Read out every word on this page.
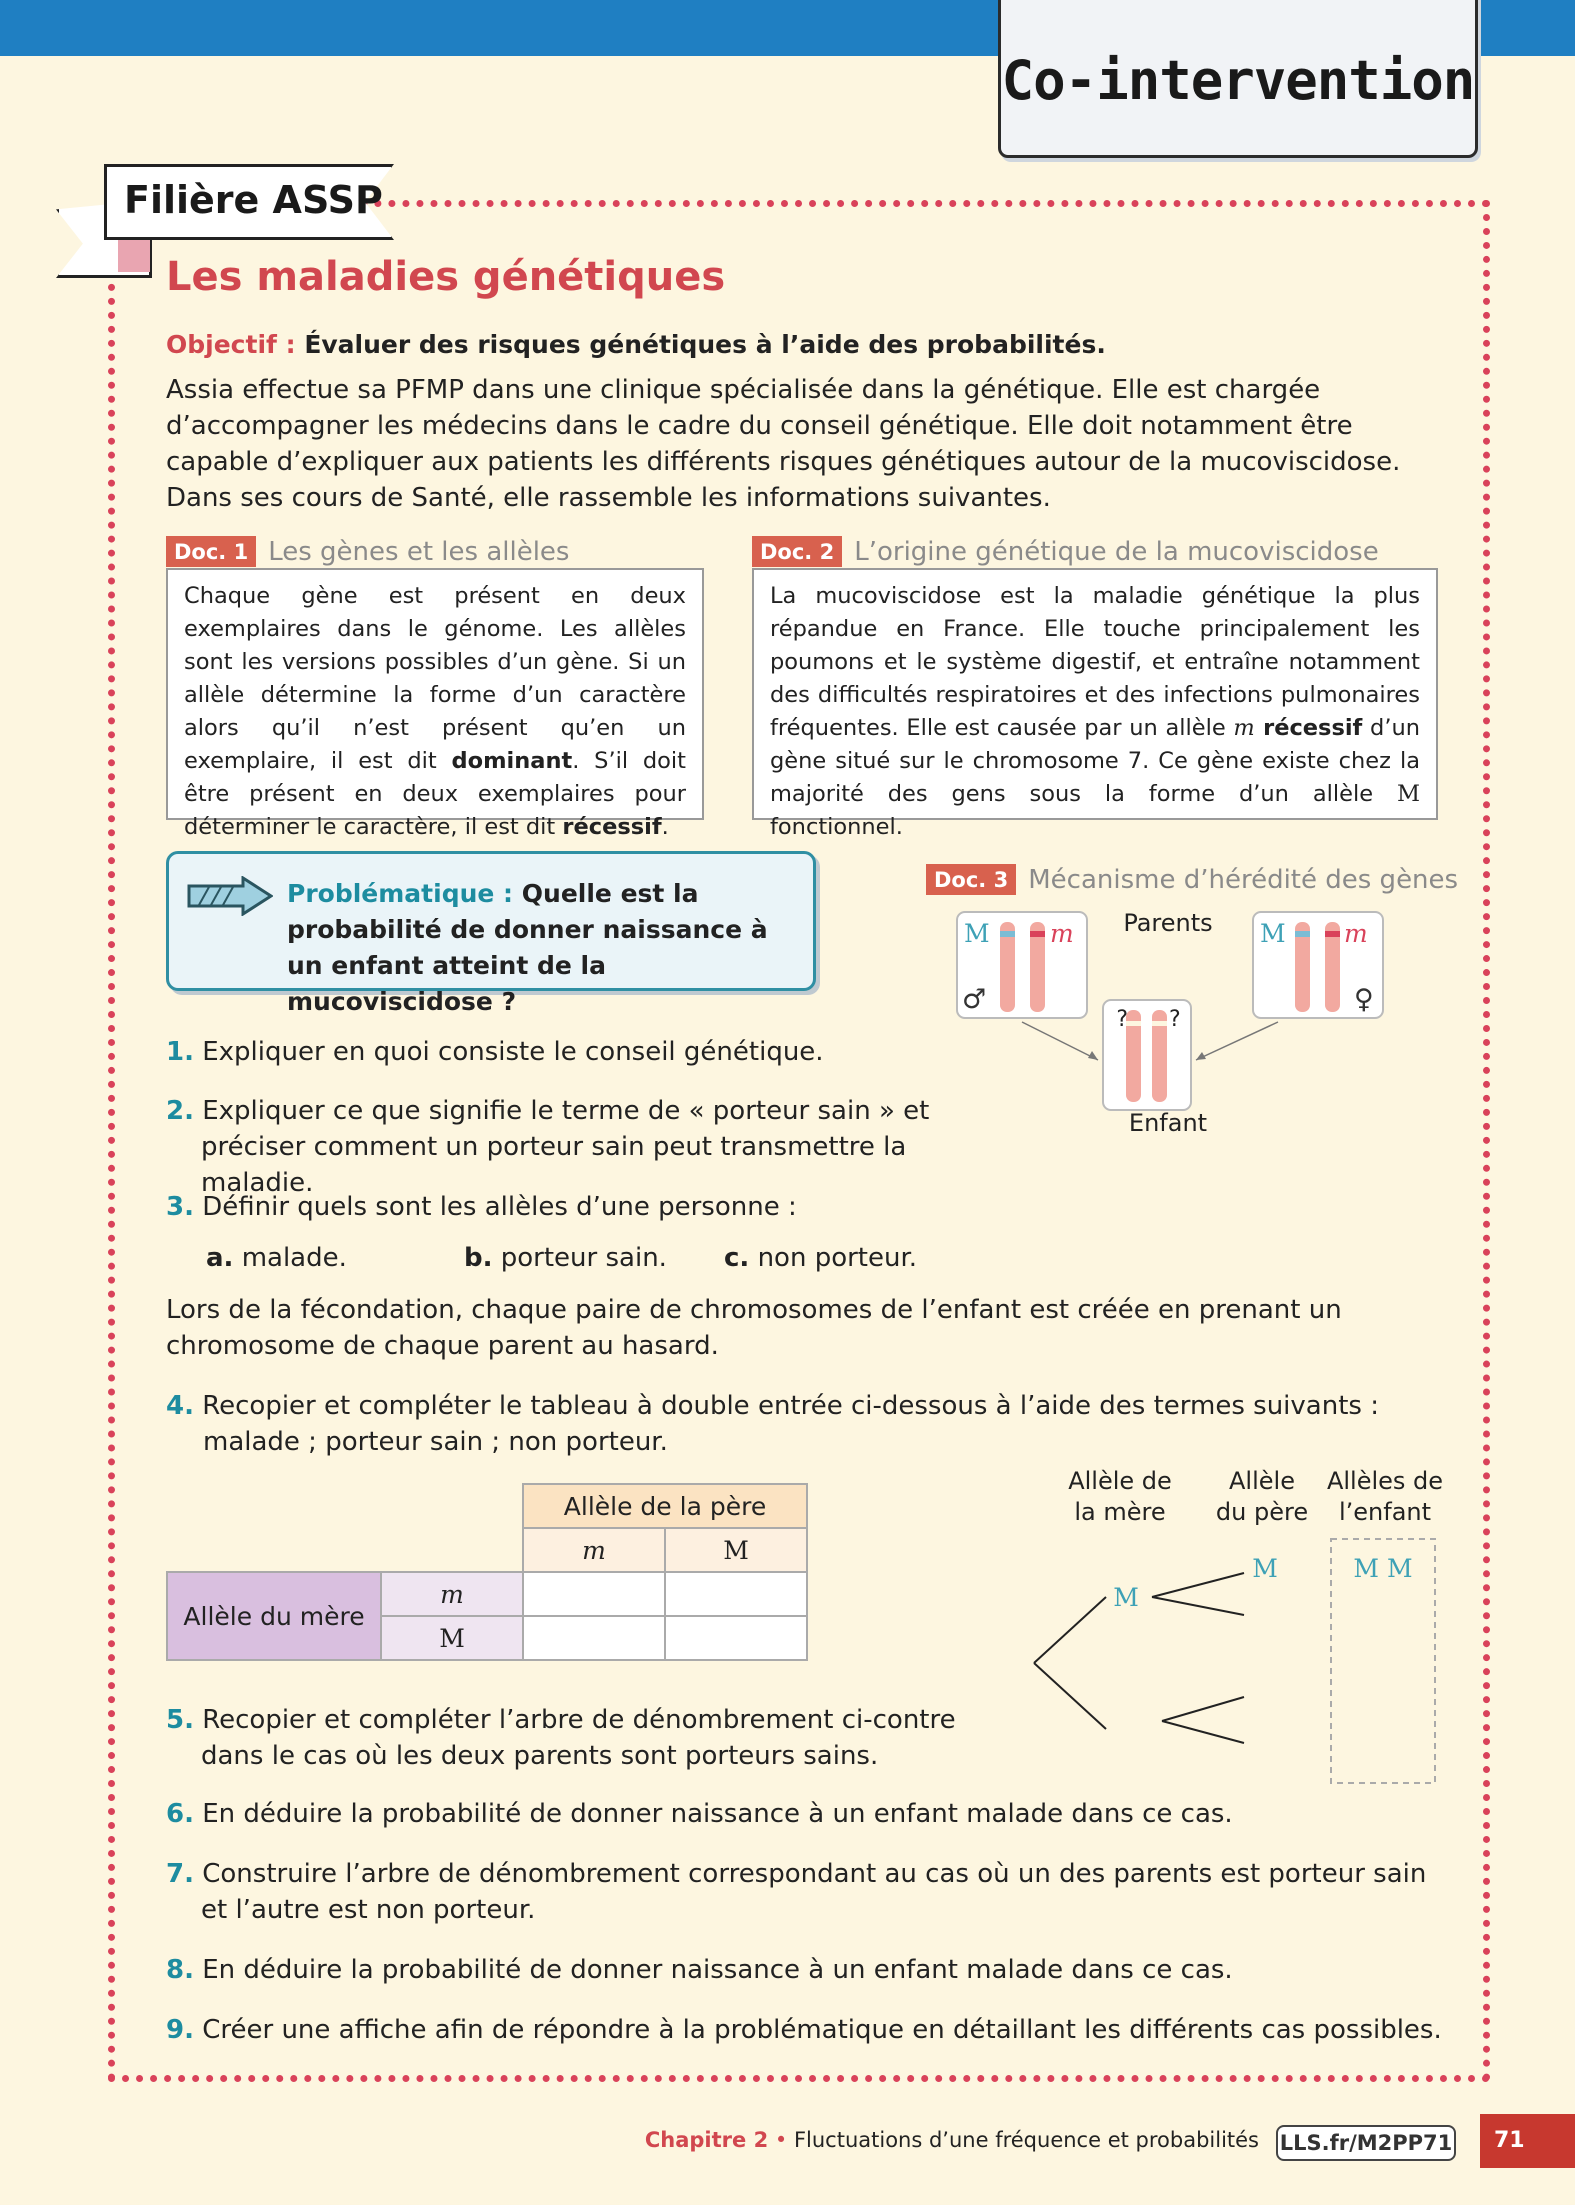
Co-intervention
Filière ASSP
Les maladies génétiques
Objectif : Évaluer des risques génétiques à l’aide des probabilités.
Assia effectue sa PFMP dans une clinique spécialisée dans la génétique. Elle est chargée d’accompagner les médecins dans le cadre du conseil génétique. Elle doit notamment être capable d’expliquer aux patients les différents risques génétiques autour de la mucoviscidose. Dans ses cours de Santé, elle rassemble les informations suivantes.
Doc. 1 Les gènes et les allèles
Chaque gène est présent en deux exemplaires dans le génome. Les allèles sont les versions possibles d’un gène. Si un allèle détermine la forme d’un caractère alors qu’il n’est présent qu’en un exemplaire, il est dit dominant. S’il doit être présent en deux exemplaires pour déterminer le caractère, il est dit récessif.
Doc. 2 L’origine génétique de la mucoviscidose
La mucoviscidose est la maladie génétique la plus répandue en France. Elle touche principalement les poumons et le système digestif, et entraîne notamment des difficultés respiratoires et des infections pulmonaires fréquentes. Elle est causée par un allèle m récessif d’un gène situé sur le chromosome 7. Ce gène existe chez la majorité des gens sous la forme d’un allèle M fonctionnel.
Problématique : Quelle est la probabilité de donner naissance à un enfant atteint de la mucoviscidose ?
Doc. 3 Mécanisme d’hérédité des gènes
M m	M m
♂	♀
Parents
Enfant
? ?
1. Expliquer en quoi consiste le conseil génétique.
2. Expliquer ce que signifie le terme de « porteur sain » et préciser comment un porteur sain peut transmettre la maladie.
3. Définir quels sont les allèles d’une personne :
a. malade.	b. porteur sain. c. non porteur.
Lors de la fécondation, chaque paire de chromosomes de l’enfant est créée en prenant un chromosome de chaque parent au hasard.
4. Recopier et compléter le tableau à double entrée ci-dessous à l’aide des termes suivants : malade ; porteur sain ; non porteur.
		Allèle de la père	
		m	M
Allèle du mère	m		
	M		
Allèle de la mère
Allèle du père
Allèles de l’enfant
M
M	M M
5. Recopier et compléter l’arbre de dénombrement ci-contre dans le cas où les deux parents sont porteurs sains.
6. En déduire la probabilité de donner naissance à un enfant malade dans ce cas.
7. Construire l’arbre de dénombrement correspondant au cas où un des parents est porteur sain et l’autre est non porteur.
8. En déduire la probabilité de donner naissance à un enfant malade dans ce cas.
9. Créer une affiche afin de répondre à la problématique en détaillant les différents cas possibles.
Chapitre 2 • Fluctuations d’une fréquence et probabilités LLS.fr/M2PP71	71
